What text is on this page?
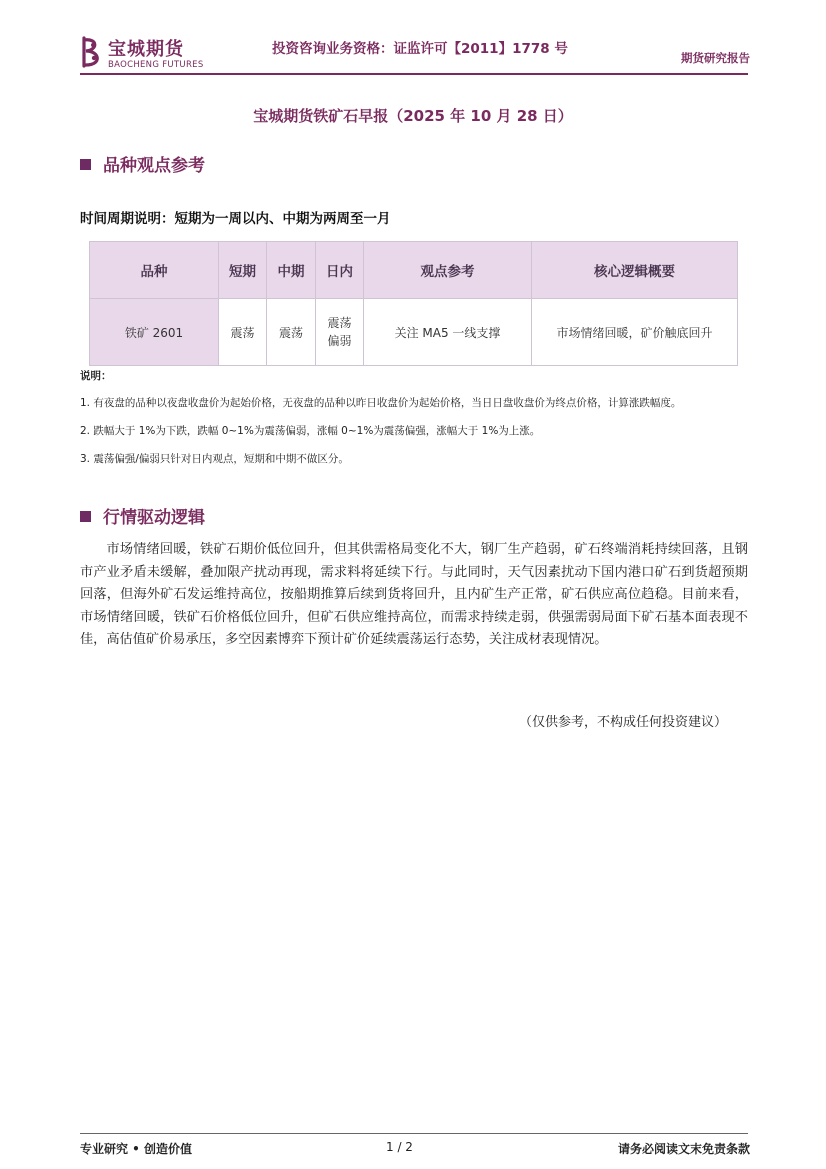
宝城期货
BAOCHENG FUTURES
投资咨询业务资格：证监许可【2011】1778 号
期货研究报告
宝城期货铁矿石早报（2025 年 10 月 28 日）
品种观点参考
时间周期说明：短期为一周以内、中期为两周至一月
品种	短期	中期	日内	观点参考	核心逻辑概要
铁矿 2601	震荡	震荡	震荡偏弱	关注 MA5 一线支撑	市场情绪回暖，矿价触底回升

说明：

1. 有夜盘的品种以夜盘收盘价为起始价格，无夜盘的品种以昨日收盘价为起始价格，当日日盘收盘价为终点价格，计算涨跌幅度。

2. 跌幅大于 1%为下跌，跌幅 0~1%为震荡偏弱，涨幅 0~1%为震荡偏强，涨幅大于 1%为上涨。

3. 震荡偏强/偏弱只针对日内观点，短期和中期不做区分。

行情驱动逻辑
市场情绪回暖，铁矿石期价低位回升，但其供需格局变化不大，钢厂生产趋弱，矿石终端消耗持续回落，且钢市产业矛盾未缓解，叠加限产扰动再现，需求料将延续下行。与此同时，天气因素扰动下国内港口矿石到货超预期回落，但海外矿石发运维持高位，按船期推算后续到货将回升，且内矿生产正常，矿石供应高位趋稳。目前来看，市场情绪回暖，铁矿石价格低位回升，但矿石供应维持高位，而需求持续走弱，供强需弱局面下矿石基本面表现不佳，高估值矿价易承压，多空因素博弈下预计矿价延续震荡运行态势，关注成材表现情况。
（仅供参考，不构成任何投资建议）
专业研究 • 创造价值	1 / 2	请务必阅读文末免责条款
